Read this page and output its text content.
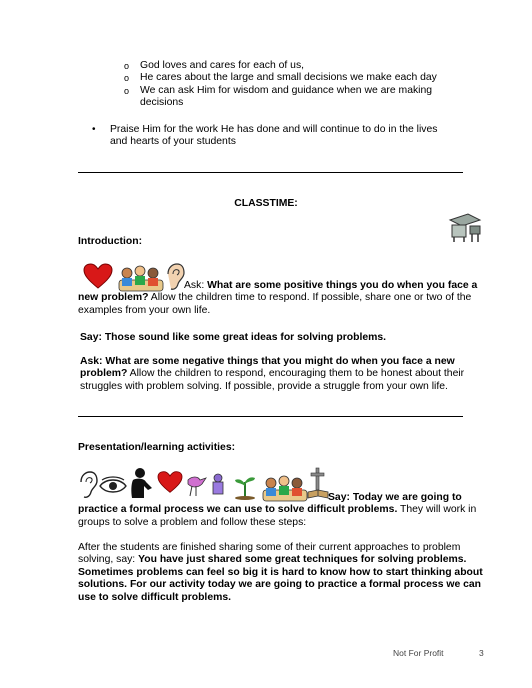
o God loves and cares for each of us,
o He cares about the large and small decisions we make each day
o We can ask Him for wisdom and guidance when we are making decisions
• Praise Him for the work He has done and will continue to do in the lives and hearts of your students
CLASSTIME:
Introduction:
Ask: What are some positive things you do when you face a new problem? Allow the children time to respond. If possible, share one or two of the examples from your own life.
Say: Those sound like some great ideas for solving problems.
Ask: What are some negative things that you might do when you face a new problem? Allow the children to respond, encouraging them to be honest about their struggles with problem solving. If possible, provide a struggle from your own life.
Presentation/learning activities:
Say: Today we are going to practice a formal process we can use to solve difficult problems. They will work in groups to solve a problem and follow these steps:
After the students are finished sharing some of their current approaches to problem solving, say: You have just shared some great techniques for solving problems. Sometimes problems can feel so big it is hard to know how to start thinking about solutions. For our activity today we are going to practice a formal process we can use to solve difficult problems.
Not For Profit	3
